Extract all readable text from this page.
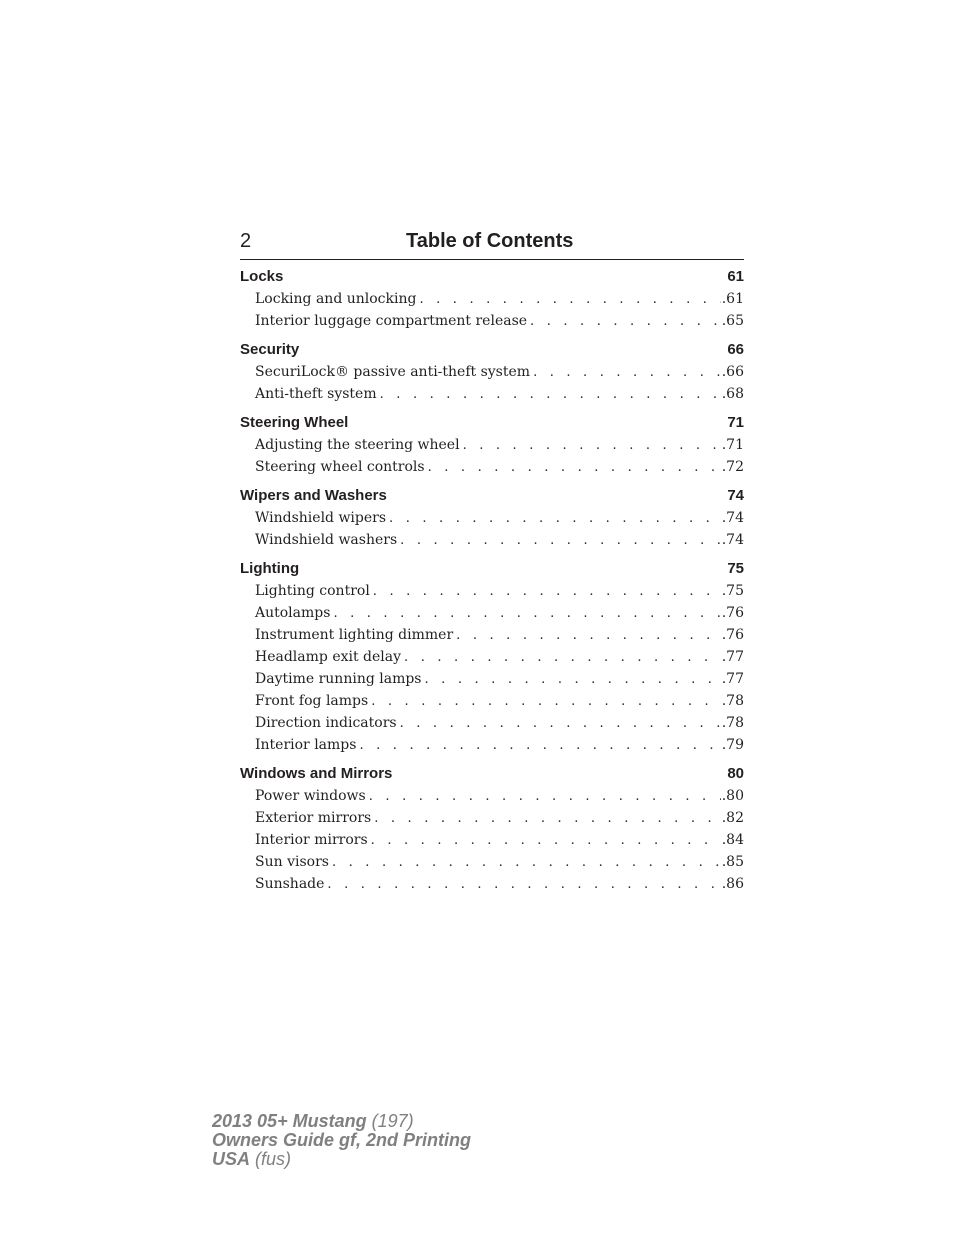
2	Table of Contents
Locks	61
Locking and unlocking . . .	.61
Interior luggage compartment release . . .	.65
Security	66
SecuriLock® passive anti-theft system . . .	.66
Anti-theft system . . .	.68
Steering Wheel	71
Adjusting the steering wheel . . .	.71
Steering wheel controls . . .	.72
Wipers and Washers	74
Windshield wipers . . .	.74
Windshield washers . . .	.74
Lighting	75
Lighting control . . .	.75
Autolamps . . .	.76
Instrument lighting dimmer . . .	.76
Headlamp exit delay . . .	.77
Daytime running lamps . . .	.77
Front fog lamps . . .	.78
Direction indicators . . .	.78
Interior lamps . . .	.79
Windows and Mirrors	80
Power windows . . .	.80
Exterior mirrors . . .	.82
Interior mirrors . . .	.84
Sun visors . . .	.85
Sunshade . . .	.86
2013 05+ Mustang (197)
Owners Guide gf, 2nd Printing
USA (fus)
